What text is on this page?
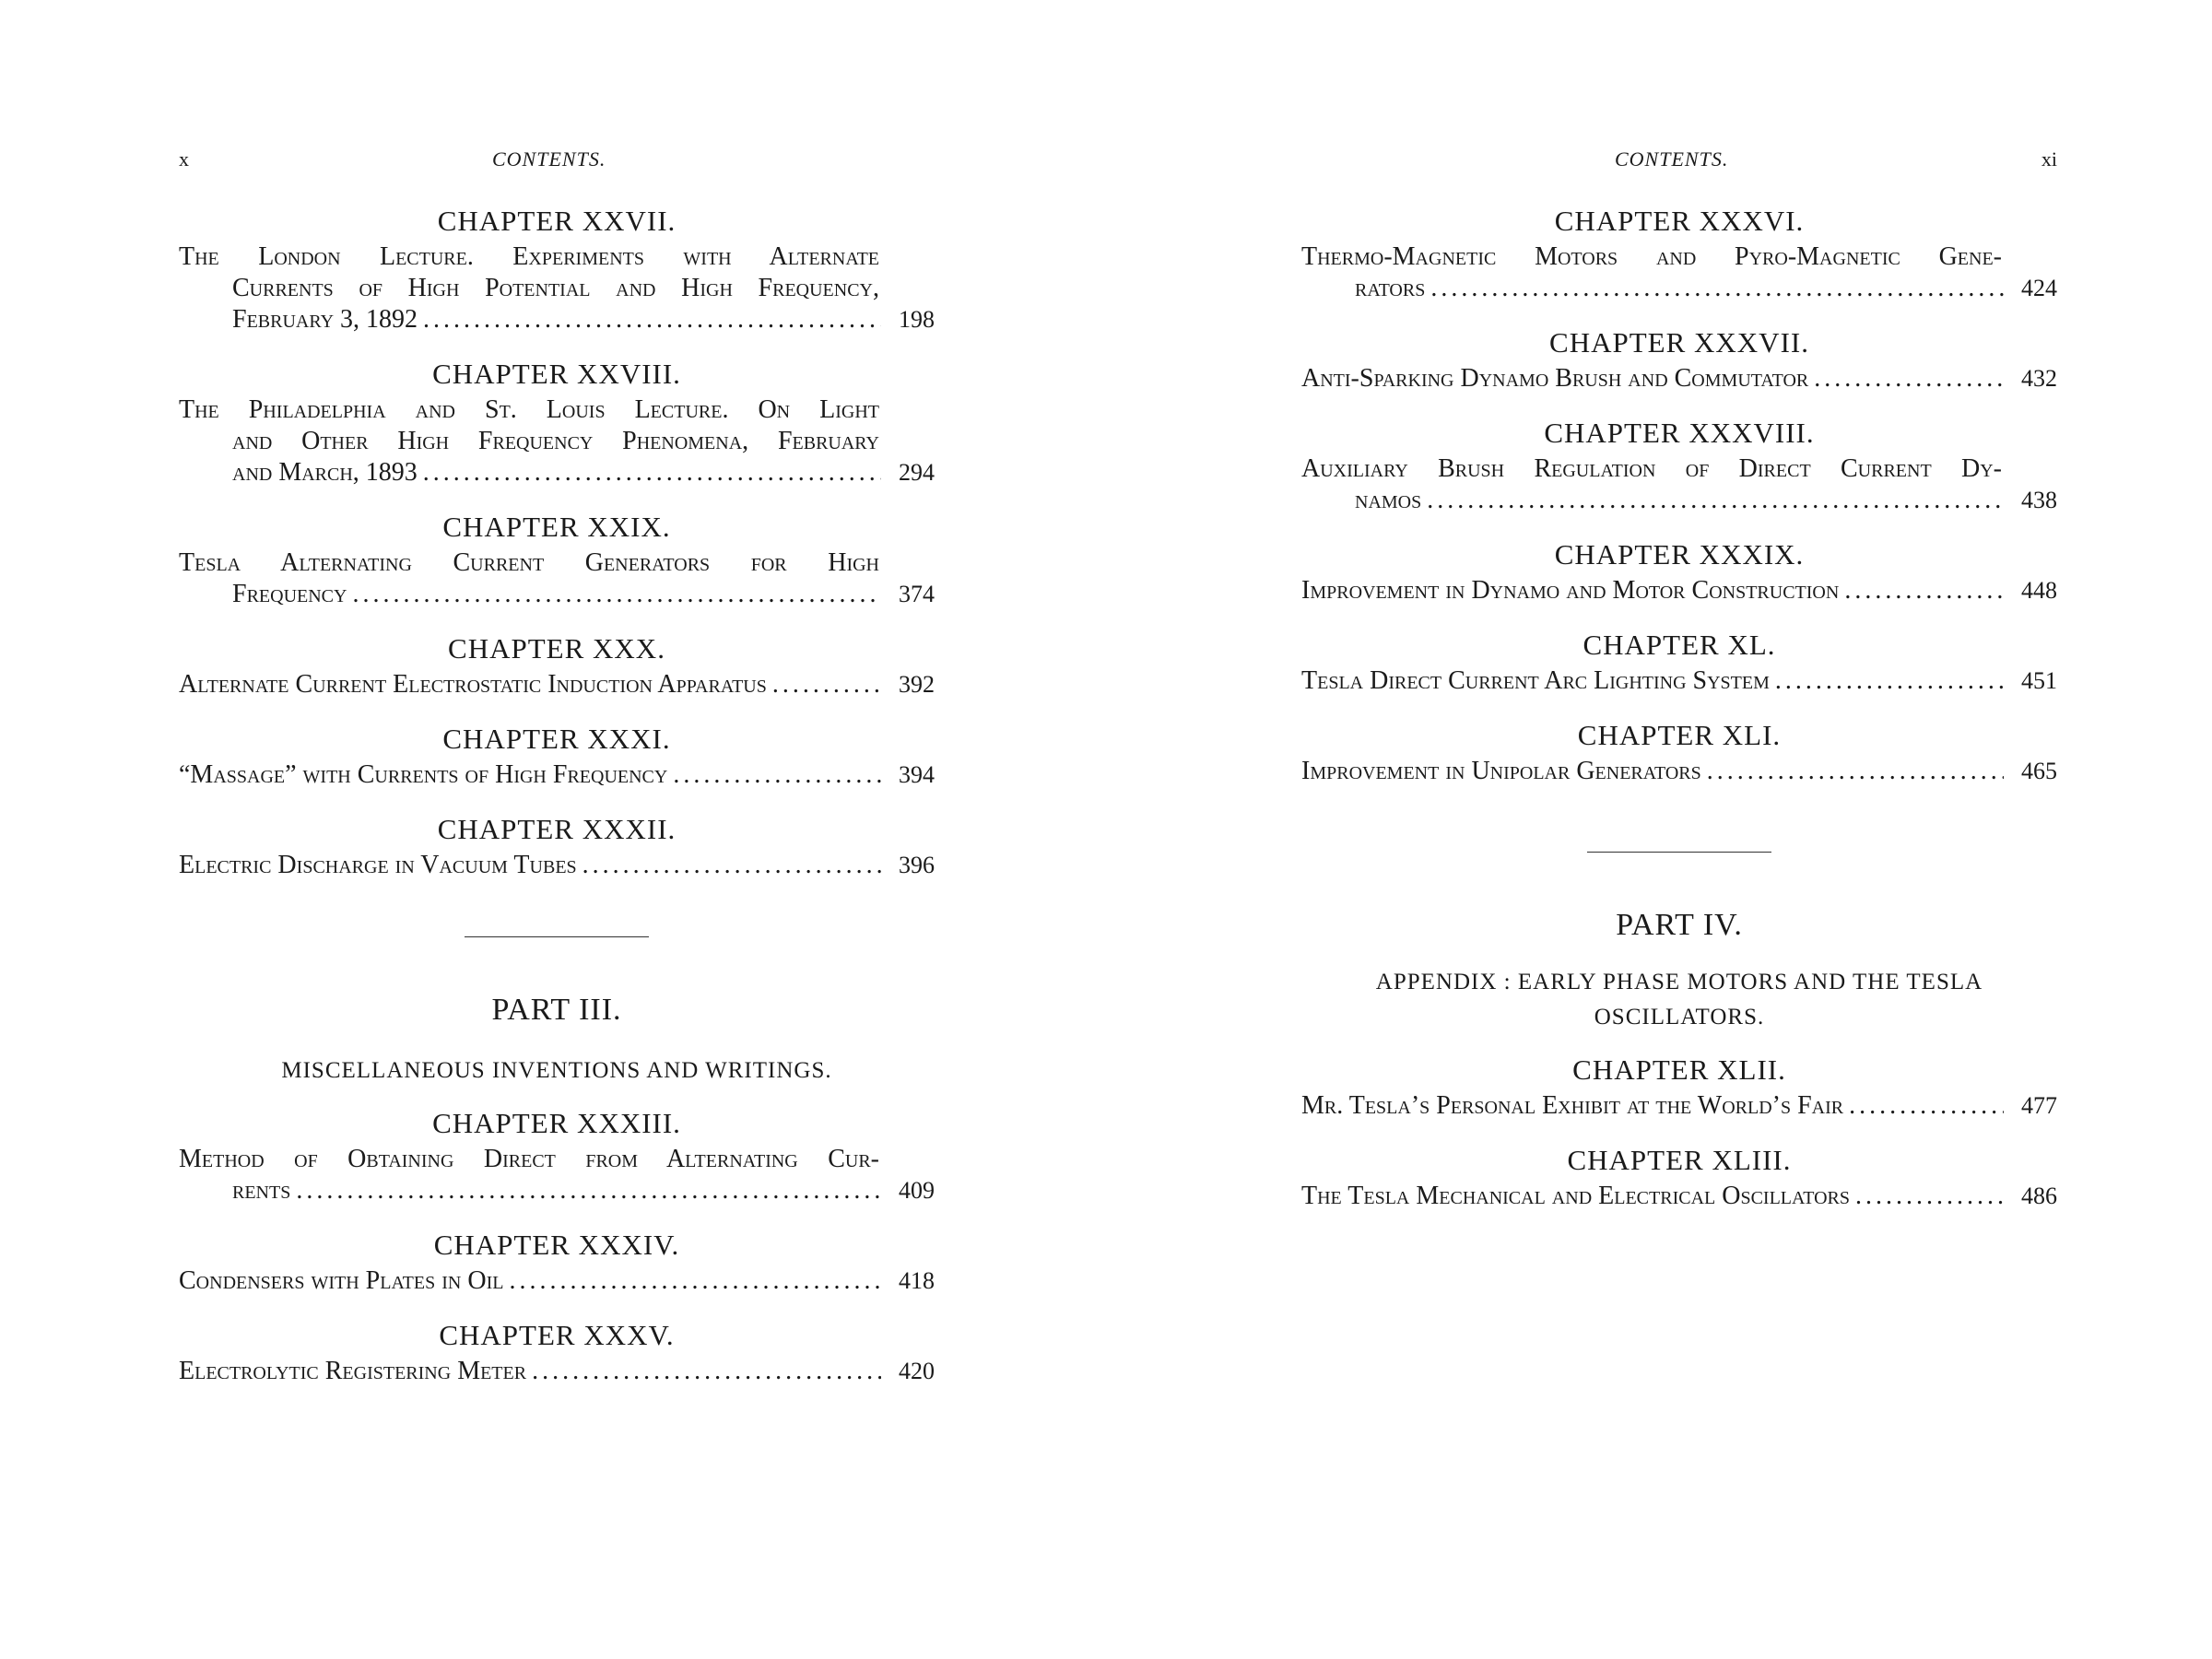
x	CONTENTS.

CHAPTER XXVII.

The London Lecture. Experiments with Alternate
Currents of High Potential and High Frequency,
February 3, 1892 .....	198

CHAPTER XXVIII.

The Philadelphia and St. Louis Lecture. On Light
and Other High Frequency Phenomena, February
and March, 1893 .....	294

CHAPTER XXIX.

Tesla Alternating Current Generators for High
Frequency .....	374

CHAPTER XXX.

Alternate Current Electrostatic Induction Apparatus .....	392

CHAPTER XXXI.

“Massage” with Currents of High Frequency .....	394

CHAPTER XXXII.

Electric Discharge in Vacuum Tubes .....	396

PART III.

MISCELLANEOUS INVENTIONS AND WRITINGS.

CHAPTER XXXIII.

Method of Obtaining Direct from Alternating Cur-
rents .....	409

CHAPTER XXXIV.

Condensers with Plates in Oil .....	418

CHAPTER XXXV.

Electrolytic Registering Meter .....	420
CONTENTS.	xi

CHAPTER XXXVI.

Thermo-Magnetic Motors and Pyro-Magnetic Gene-
rators .....	424

CHAPTER XXXVII.

Anti-Sparking Dynamo Brush and Commutator .....	432

CHAPTER XXXVIII.

Auxiliary Brush Regulation of Direct Current Dy-
namos .....	438

CHAPTER XXXIX.

Improvement in Dynamo and Motor Construction .....	448

CHAPTER XL.

Tesla Direct Current Arc Lighting System .....	451

CHAPTER XLI.

Improvement in Unipolar Generators .....	465

PART IV.

APPENDIX : EARLY PHASE MOTORS AND THE TESLA

OSCILLATORS.

CHAPTER XLII.

Mr. Tesla’s Personal Exhibit at the World’s Fair .....	477

CHAPTER XLIII.

The Tesla Mechanical and Electrical Oscillators .....	486
